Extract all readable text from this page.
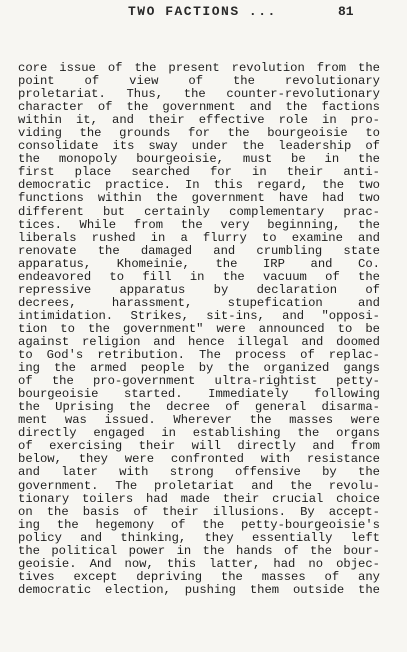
TWO FACTIONS ...	81
core issue of the present revolution from the
point of view of the revolutionary
proletariat. Thus, the counter-revolutionary
character of the government and the factions
within it, and their effective role in pro-
viding the grounds for the bourgeoisie to
consolidate its sway under the leadership of
the monopoly bourgeoisie, must be in the
first place searched for in their anti-
democratic practice. In this regard, the two
functions within the government have had two
different but certainly complementary prac-
tices. While from the very beginning, the
liberals rushed in a flurry to examine and
renovate the damaged and crumbling state
apparatus, Khomeinie, the IRP and Co.
endeavored to fill in the vacuum of the
repressive apparatus by declaration of
decrees, harassment, stupefication and
intimidation. Strikes, sit-ins, and "opposi-
tion to the government" were announced to be
against religion and hence illegal and doomed
to God's retribution. The process of replac-
ing the armed people by the organized gangs
of the pro-government ultra-rightist petty-
bourgeoisie started. Immediately following
the Uprising the decree of general disarma-
ment was issued. Wherever the masses were
directly engaged in establishing the organs
of exercising their will directly and from
below, they were confronted with resistance
and later with strong offensive by the
government. The proletariat and the revolu-
tionary toilers had made their crucial choice
on the basis of their illusions. By accept-
ing the hegemony of the petty-bourgeoisie's
policy and thinking, they essentially left
the political power in the hands of the bour-
geoisie. And now, this latter, had no objec-
tives except depriving the masses of any
democratic election, pushing them outside the
